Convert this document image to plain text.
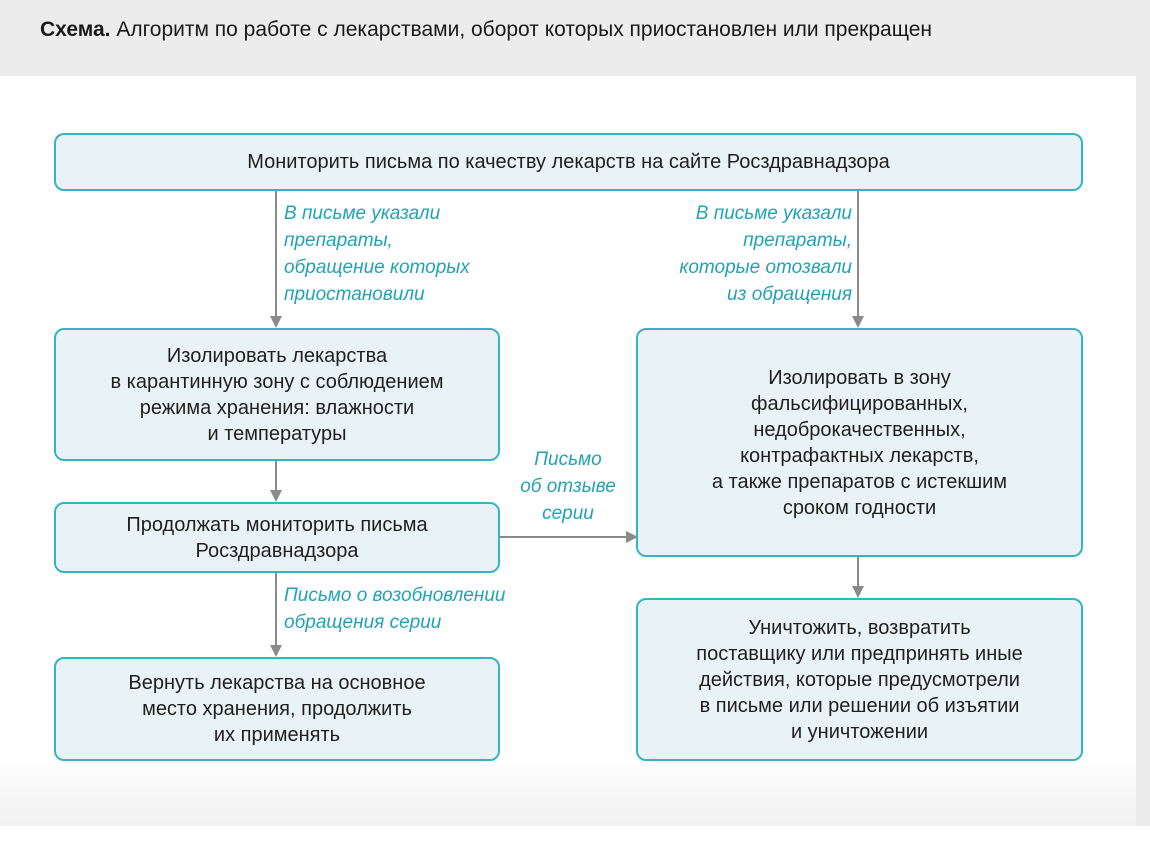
Схема. Алгоритм по работе с лекарствами, оборот которых приостановлен или прекращен
Мониторить письма по качеству лекарств на сайте Росздравнадзора
Изолировать лекарства
в карантинную зону с соблюдением
режима хранения: влажности
и температуры
Продолжать мониторить письма
Росздравнадзора
Вернуть лекарства на основное
место хранения, продолжить
их применять
Изолировать в зону
фальсифицированных,
недоброкачественных,
контрафактных лекарств,
а также препаратов с истекшим
сроком годности
Уничтожить, возвратить
поставщику или предпринять иные
действия, которые предусмотрели
в письме или решении об изъятии
и уничтожении
В письме указали
препараты,
обращение которых
приостановили
В письме указали
препараты,
которые отозвали
из обращения
Письмо
об отзыве
серии
Письмо о возобновлении
обращения серии
